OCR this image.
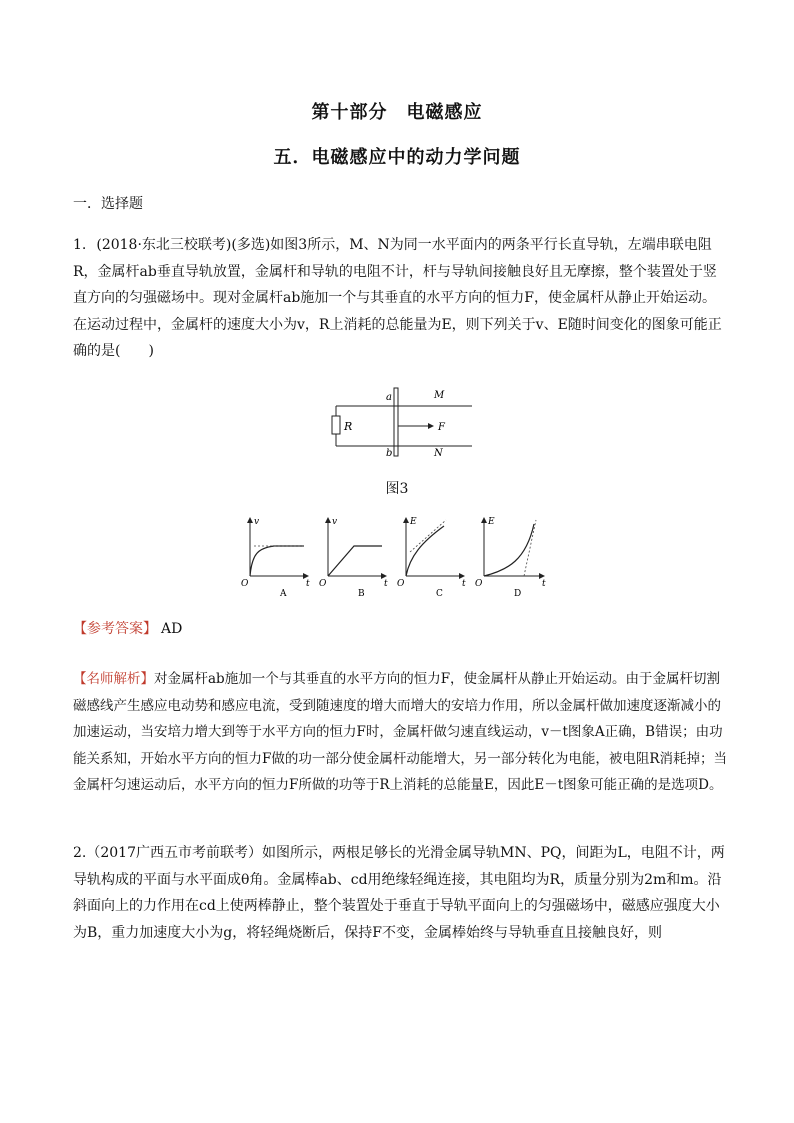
第十部分　电磁感应
五．电磁感应中的动力学问题
一．选择题
1. (2018·东北三校联考)(多选)如图3所示，M、N为同一水平面内的两条平行长直导轨，左端串联电阻R，金属杆ab垂直导轨放置，金属杆和导轨的电阻不计，杆与导轨间接触良好且无摩擦，整个装置处于竖直方向的匀强磁场中。现对金属杆ab施加一个与其垂直的水平方向的恒力F，使金属杆从静止开始运动。在运动过程中，金属杆的速度大小为v，R上消耗的总能量为E，则下列关于v、E随时间变化的图象可能正确的是(　　)
R
a
b
M
N
F
图3
v
O	t
A
v
O	t
B
E
O	t
C
E
O	t
D
【参考答案】 AD
【名师解析】对金属杆ab施加一个与其垂直的水平方向的恒力F，使金属杆从静止开始运动。由于金属杆切割磁感线产生感应电动势和感应电流，受到随速度的增大而增大的安培力作用，所以金属杆做加速度逐渐减小的加速运动，当安培力增大到等于水平方向的恒力F时，金属杆做匀速直线运动，v－t图象A正确，B错误；由功能关系知，开始水平方向的恒力F做的功一部分使金属杆动能增大，另一部分转化为电能，被电阻R消耗掉；当金属杆匀速运动后，水平方向的恒力F所做的功等于R上消耗的总能量E，因此E－t图象可能正确的是选项D。
2.（2017广西五市考前联考）如图所示，两根足够长的光滑金属导轨MN、PQ，间距为L，电阻不计，两导轨构成的平面与水平面成θ角。金属棒ab、cd用绝缘轻绳连接，其电阻均为R，质量分别为2m和m。沿斜面向上的力作用在cd上使两棒静止，整个装置处于垂直于导轨平面向上的匀强磁场中，磁感应强度大小为B，重力加速度大小为g，将轻绳烧断后，保持F不变，金属棒始终与导轨垂直且接触良好，则
